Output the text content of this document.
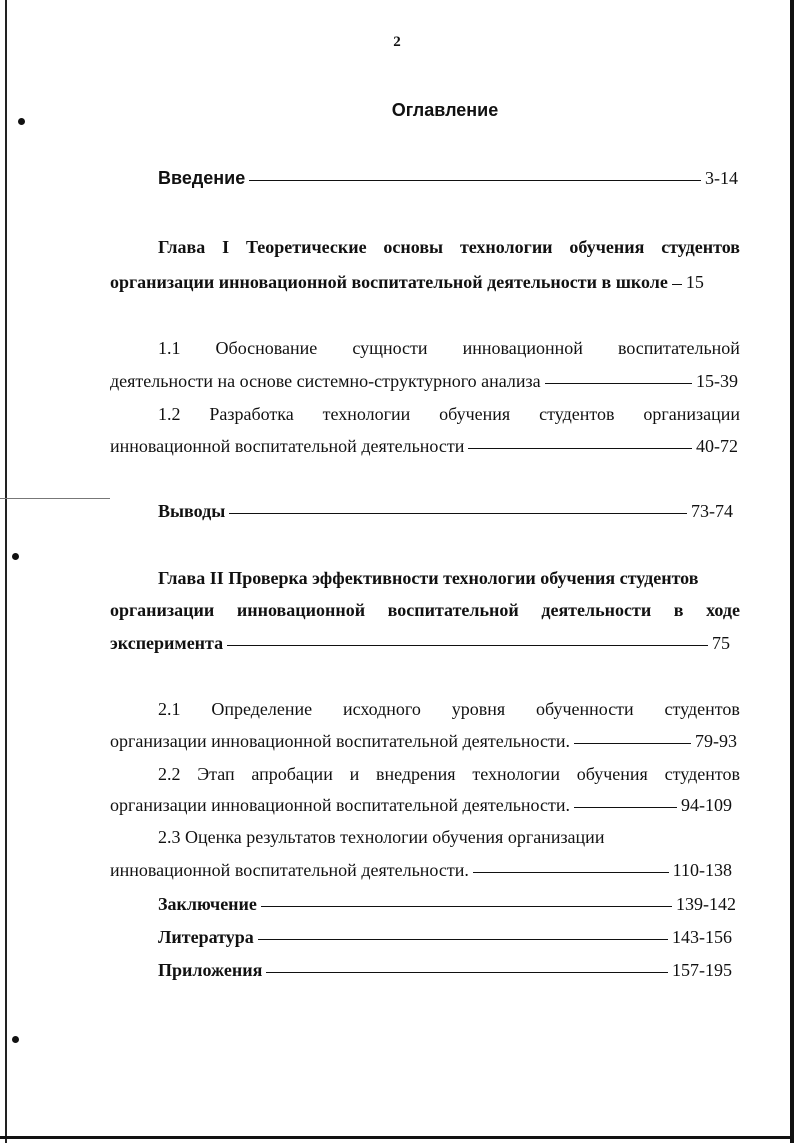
2
Оглавление
Введение	3-14
Глава I Теоретические основы технологии обучения студентов
организации инновационной воспитательной деятельности в школе 15
1.1 Обоснование сущности инновационной воспитательной
деятельности на основе системно-структурного анализа	15-39
1.2 Разработка технологии обучения студентов организации
инновационной воспитательной деятельности	40-72
Выводы	73-74
Глава II Проверка эффективности технологии обучения студентов
организации инновационной воспитательной деятельности в ходе
эксперимента	75
2.1 Определение исходного уровня обученности студентов
организации инновационной воспитательной деятельности.	79-93
2.2 Этап апробации и внедрения технологии обучения студентов
организации инновационной воспитательной деятельности.	94-109
2.3 Оценка результатов технологии обучения организации
инновационной воспитательной деятельности.	110-138
Заключение	139-142
Литература	143-156
Приложения	157-195
